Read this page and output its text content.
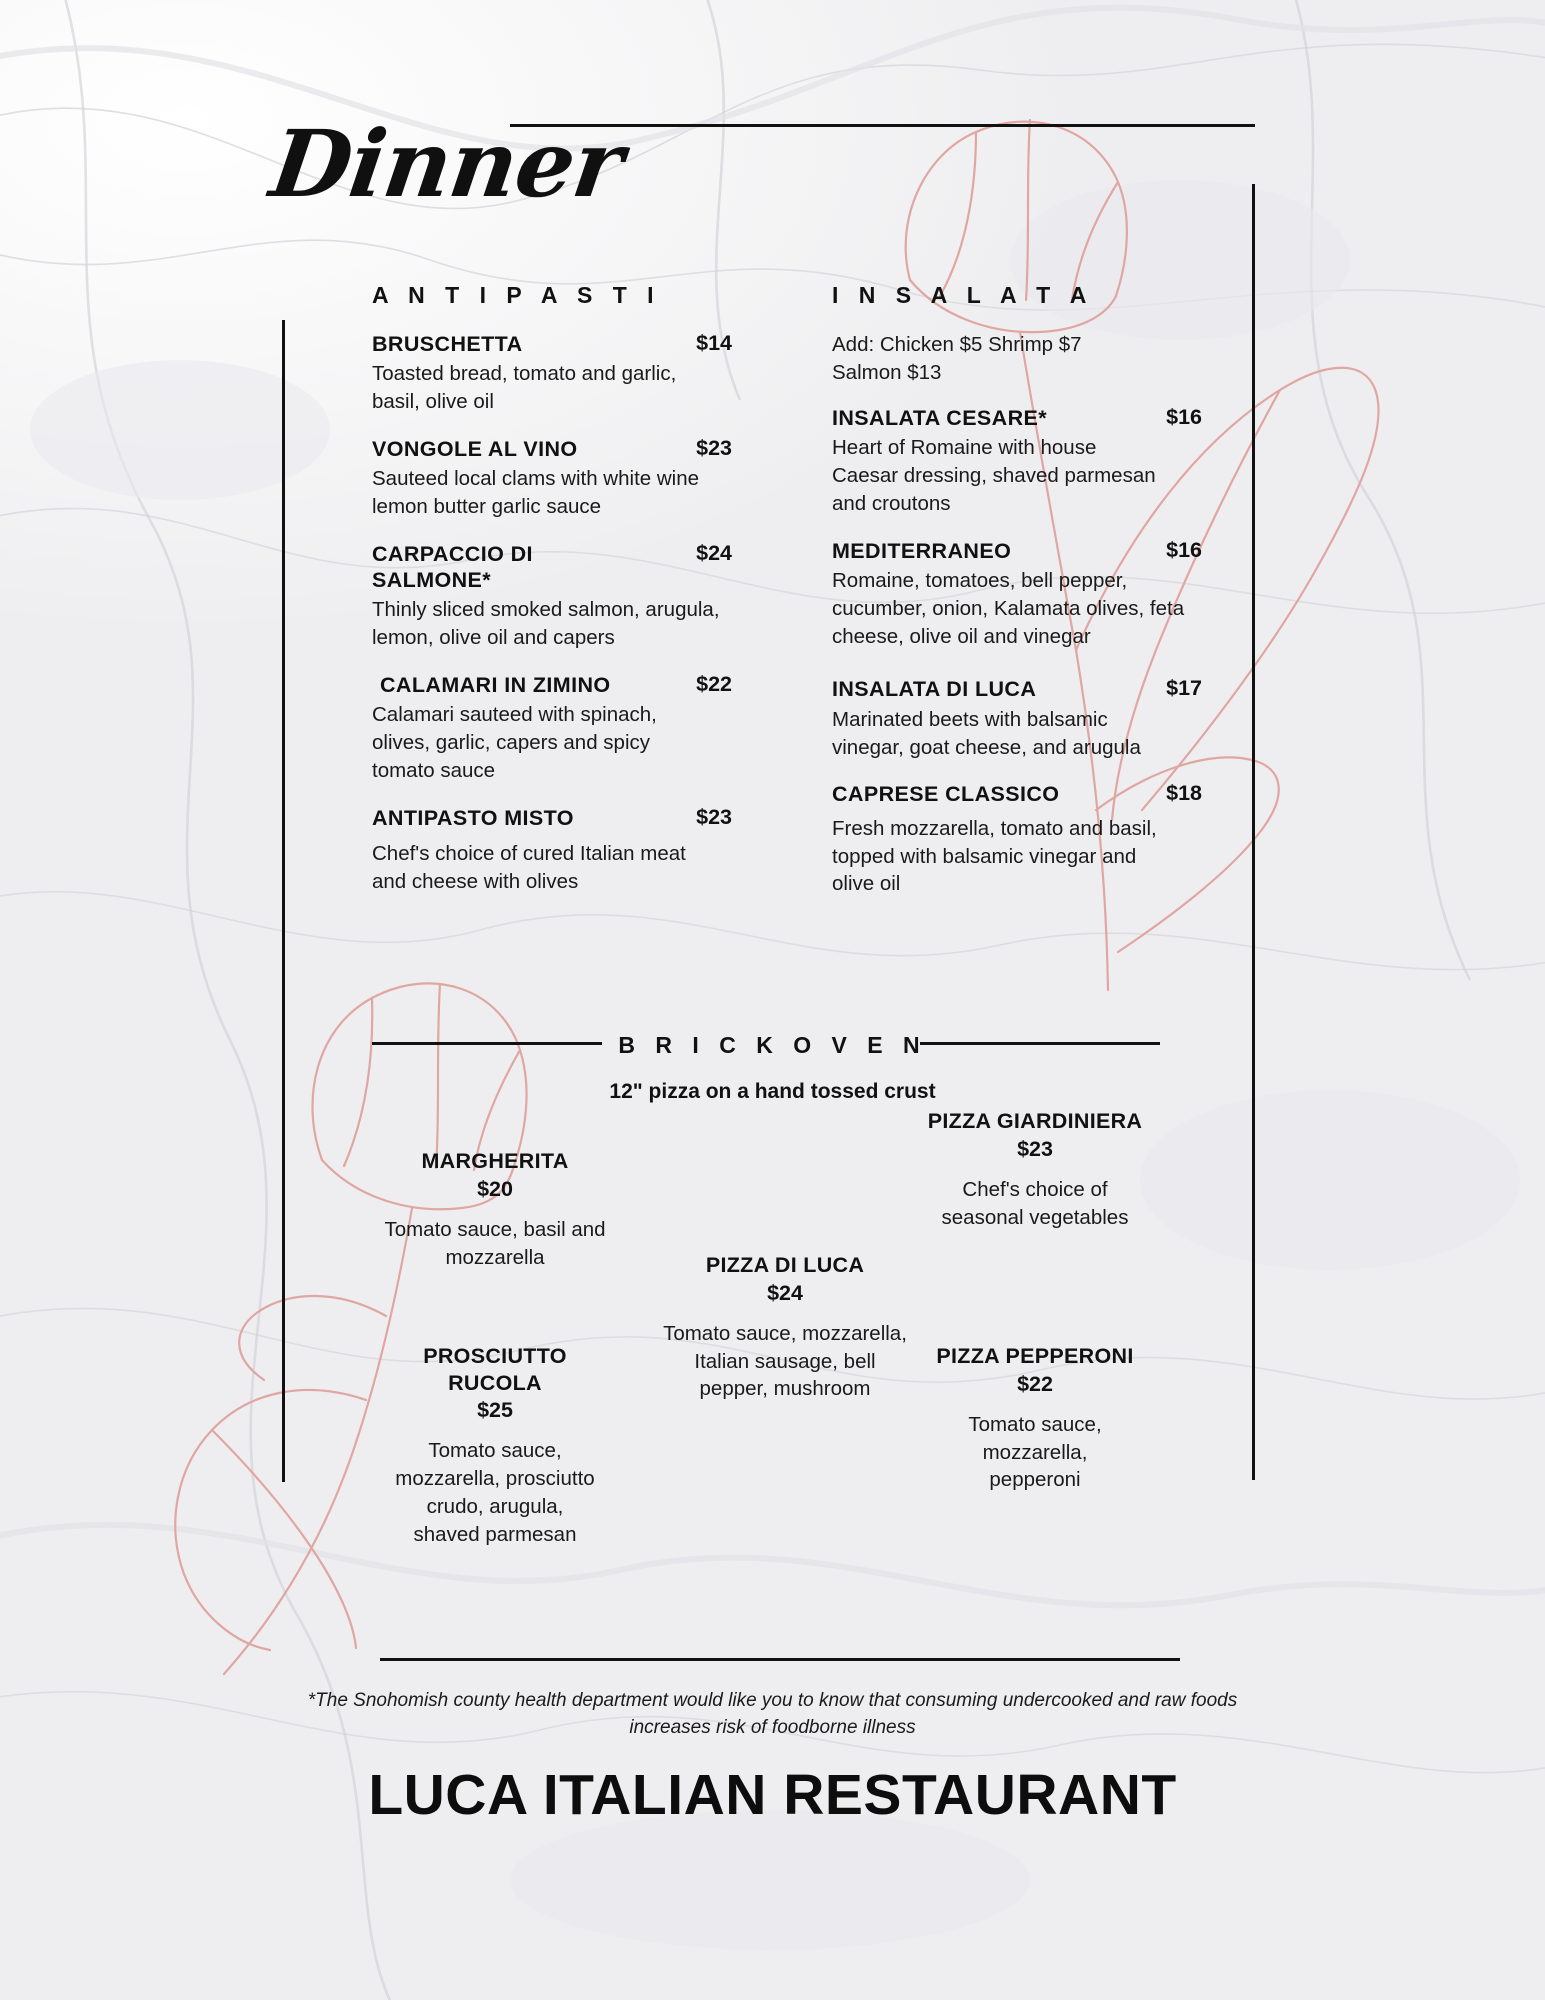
Dinner
A N T I P A S T I
BRUSCHETTA	$14
Toasted bread, tomato and garlic, basil, olive oil
VONGOLE AL VINO	$23
Sauteed local clams with white wine lemon butter garlic sauce
CARPACCIO DI SALMONE*
$24
Thinly sliced smoked salmon, arugula, lemon, olive oil and capers
CALAMARI IN ZIMINO	$22
Calamari sauteed with spinach, olives, garlic, capers and spicy tomato sauce
ANTIPASTO MISTO	$23
Chef's choice of cured Italian meat and cheese with olives
I N S A L A T A
Add: Chicken $5 Shrimp $7 Salmon $13
INSALATA CESARE*	$16
Heart of Romaine with house Caesar dressing, shaved parmesan and croutons
MEDITERRANEO	$16
Romaine, tomatoes, bell pepper, cucumber, onion, Kalamata olives, feta cheese, olive oil and vinegar
INSALATA DI LUCA	$17
Marinated beets with balsamic vinegar, goat cheese, and arugula
CAPRESE CLASSICO	$18
Fresh mozzarella, tomato and basil, topped with balsamic vinegar and olive oil
B R I C K O V E N
12" pizza on a hand tossed crust
MARGHERITA
$20
Tomato sauce, basil and mozzarella
PIZZA GIARDINIERA
$23
Chef's choice of seasonal vegetables
PIZZA DI LUCA
$24
Tomato sauce, mozzarella, Italian sausage, bell pepper, mushroom
PROSCIUTTO RUCOLA
$25
Tomato sauce, mozzarella, prosciutto crudo, arugula, shaved parmesan
PIZZA PEPPERONI
$22
Tomato sauce, mozzarella, pepperoni
*The Snohomish county health department would like you to know that consuming undercooked and raw foods increases risk of foodborne illness
LUCA ITALIAN RESTAURANT
